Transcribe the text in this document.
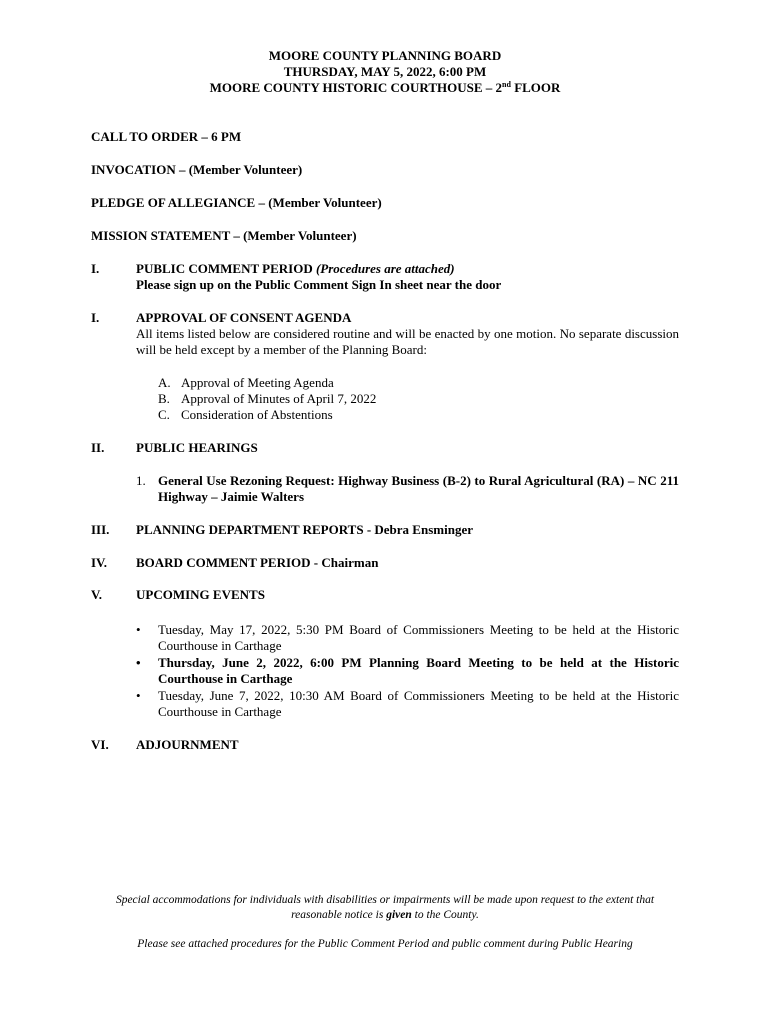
MOORE COUNTY PLANNING BOARD
THURSDAY, MAY 5, 2022, 6:00 PM
MOORE COUNTY HISTORIC COURTHOUSE – 2nd FLOOR
CALL TO ORDER – 6 PM
INVOCATION – (Member Volunteer)
PLEDGE OF ALLEGIANCE – (Member Volunteer)
MISSION STATEMENT – (Member Volunteer)
I.	PUBLIC COMMENT PERIOD (Procedures are attached)
Please sign up on the Public Comment Sign In sheet near the door
I.	APPROVAL OF CONSENT AGENDA
All items listed below are considered routine and will be enacted by one motion. No separate discussion will be held except by a member of the Planning Board:
A. Approval of Meeting Agenda
B. Approval of Minutes of April 7, 2022
C. Consideration of Abstentions
II. PUBLIC HEARINGS
1. General Use Rezoning Request: Highway Business (B-2) to Rural Agricultural (RA) – NC 211 Highway – Jaimie Walters
III. PLANNING DEPARTMENT REPORTS - Debra Ensminger
IV. BOARD COMMENT PERIOD - Chairman
V.	UPCOMING EVENTS
•	Tuesday, May 17, 2022, 5:30 PM Board of Commissioners Meeting to be held at the Historic Courthouse in Carthage
•	Thursday, June 2, 2022, 6:00 PM Planning Board Meeting to be held at the Historic Courthouse in Carthage
•	Tuesday, June 7, 2022, 10:30 AM Board of Commissioners Meeting to be held at the Historic Courthouse in Carthage
VI. ADJOURNMENT
Special accommodations for individuals with disabilities or impairments will be made upon request to the extent that reasonable notice is given to the County.
Please see attached procedures for the Public Comment Period and public comment during Public Hearing
